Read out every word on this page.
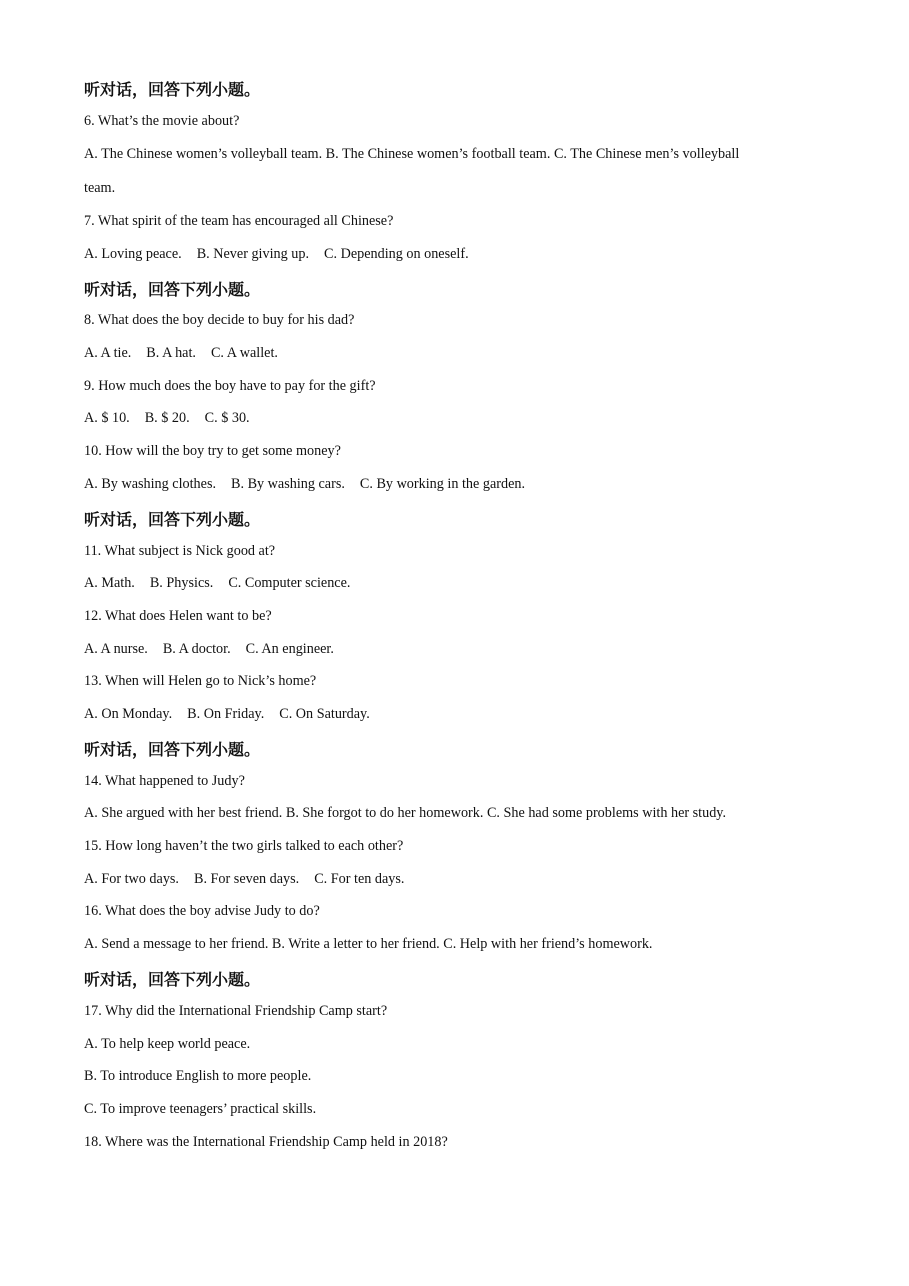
听对话，回答下列小题。
6. What’s the movie about?
A. The Chinese women’s volleyball team. B. The Chinese women’s football team. C. The Chinese men’s volleyball
team.
7. What spirit of the team has encouraged all Chinese?
A. Loving peace. B. Never giving up. C. Depending on oneself.
听对话，回答下列小题。
8. What does the boy decide to buy for his dad?
A. A tie. B. A hat. C. A wallet.
9. How much does the boy have to pay for the gift?
A. $ 10. B. $ 20. C. $ 30.
10. How will the boy try to get some money?
A. By washing clothes. B. By washing cars. C. By working in the garden.
听对话，回答下列小题。
11. What subject is Nick good at?
A. Math. B. Physics. C. Computer science.
12. What does Helen want to be?
A. A nurse. B. A doctor. C. An engineer.
13. When will Helen go to Nick’s home?
A. On Monday. B. On Friday. C. On Saturday.
听对话，回答下列小题。
14. What happened to Judy?
A. She argued with her best friend. B. She forgot to do her homework. C. She had some problems with her study.
15. How long haven’t the two girls talked to each other?
A. For two days. B. For seven days. C. For ten days.
16. What does the boy advise Judy to do?
A. Send a message to her friend. B. Write a letter to her friend. C. Help with her friend’s homework.
听对话，回答下列小题。
17. Why did the International Friendship Camp start?
A. To help keep world peace.
B. To introduce English to more people.
C. To improve teenagers’ practical skills.
18. Where was the International Friendship Camp held in 2018?
